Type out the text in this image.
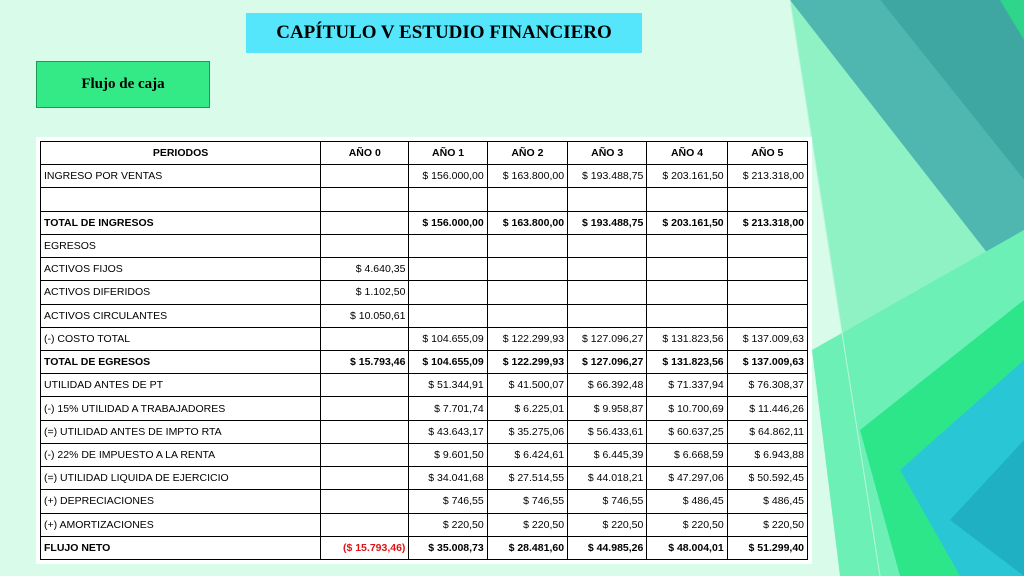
CAPÍTULO V ESTUDIO FINANCIERO
Flujo de caja
PERIODOS	AÑO 0	AÑO 1	AÑO 2	AÑO 3	AÑO 4	AÑO 5
INGRESO POR VENTAS		$ 156.000,00	$ 163.800,00	$ 193.488,75	$ 203.161,50	$ 213.318,00

TOTAL DE INGRESOS		$ 156.000,00	$ 163.800,00	$ 193.488,75	$ 203.161,50	$ 213.318,00
EGRESOS						
ACTIVOS FIJOS	$ 4.640,35					
ACTIVOS DIFERIDOS	$ 1.102,50					
ACTIVOS CIRCULANTES	$ 10.050,61					
(-) COSTO TOTAL		$ 104.655,09	$ 122.299,93	$ 127.096,27	$ 131.823,56	$ 137.009,63
TOTAL DE EGRESOS	$ 15.793,46	$ 104.655,09	$ 122.299,93	$ 127.096,27	$ 131.823,56	$ 137.009,63
UTILIDAD ANTES DE PT		$ 51.344,91	$ 41.500,07	$ 66.392,48	$ 71.337,94	$ 76.308,37
(-) 15% UTILIDAD A TRABAJADORES		$ 7.701,74	$ 6.225,01	$ 9.958,87	$ 10.700,69	$ 11.446,26
(=) UTILIDAD ANTES DE IMPTO RTA		$ 43.643,17	$ 35.275,06	$ 56.433,61	$ 60.637,25	$ 64.862,11
(-) 22% DE IMPUESTO A LA RENTA		$ 9.601,50	$ 6.424,61	$ 6.445,39	$ 6.668,59	$ 6.943,88
(=) UTILIDAD LIQUIDA DE EJERCICIO		$ 34.041,68	$ 27.514,55	$ 44.018,21	$ 47.297,06	$ 50.592,45
(+) DEPRECIACIONES		$ 746,55	$ 746,55	$ 746,55	$ 486,45	$ 486,45
(+) AMORTIZACIONES		$ 220,50	$ 220,50	$ 220,50	$ 220,50	$ 220,50
FLUJO NETO	($ 15.793,46)	$ 35.008,73	$ 28.481,60	$ 44.985,26	$ 48.004,01	$ 51.299,40
